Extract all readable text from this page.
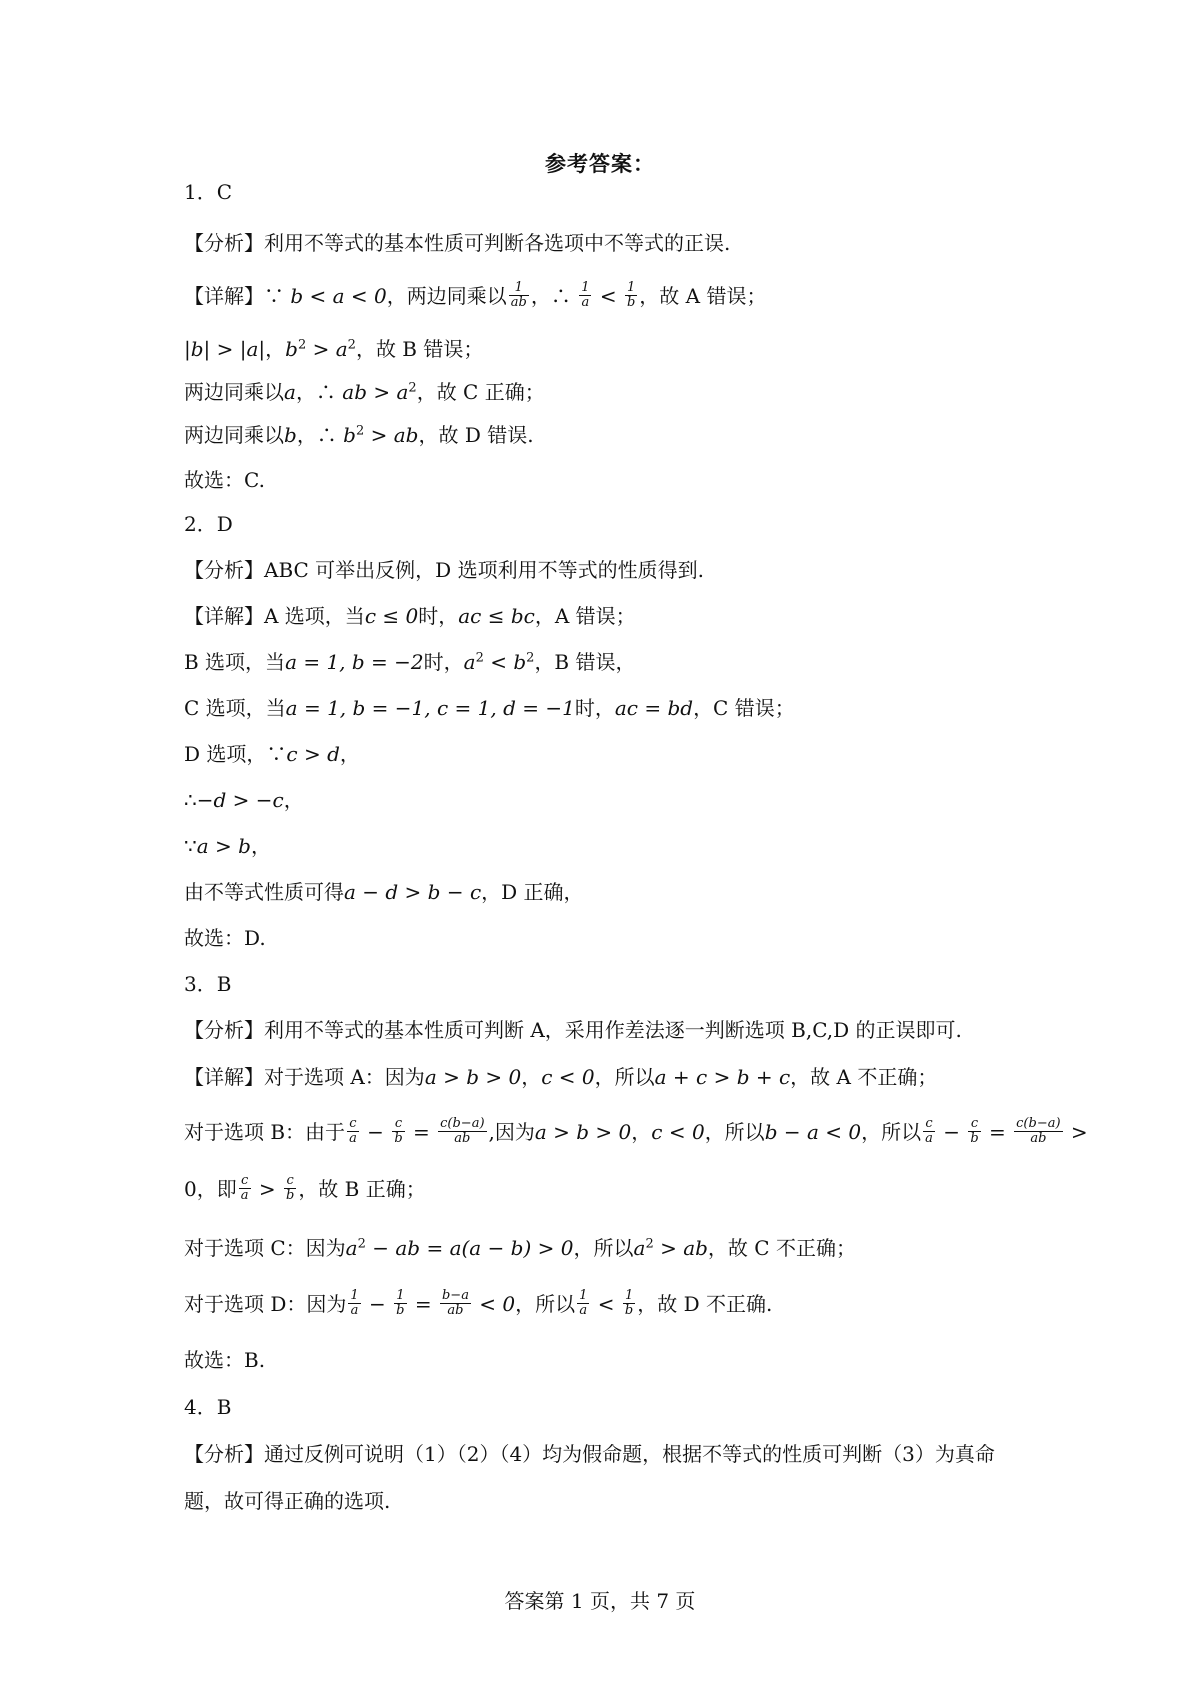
参考答案：
1．C
【分析】利用不等式的基本性质可判断各选项中不等式的正误.
【详解】∵ b < a < 0，两边同乘以 $\frac{1}{ab}$ ，∴ $\frac{1}{a} < \frac{1}{b}$ ，故 A 错误；
|b| > |a|，$b^2 > a^2$，故 B 错误；
两边同乘以a，∴ ab > $a^2$，故 C 正确；
两边同乘以b，∴ $b^2$ > ab，故 D 错误.
故选：C.
2．D
【分析】ABC 可举出反例，D 选项利用不等式的性质得到.
【详解】A 选项，当c ≤ 0时，ac ≤ bc，A 错误；
B 选项，当a = 1, b = −2时，$a^2 < b^2$，B 错误，
C 选项，当a = 1, b = −1, c = 1, d = −1时，ac = bd，C 错误；
D 选项，∵c > d，
∴−d > −c，
∵a > b，
由不等式性质可得a − d > b − c，D 正确，
故选：D.
3．B
【分析】利用不等式的基本性质可判断 A，采用作差法逐一判断选项 B,C,D 的正误即可.
【详解】对于选项 A：因为a > b > 0，c < 0，所以a + c > b + c，故 A 不正确；
对于选项 B：由于 $\frac{c}{a} - \frac{c}{b} = \frac{c(b-a)}{ab}$ ,因为a > b > 0，c < 0，所以b − a < 0，所以 $\frac{c}{a} - \frac{c}{b} = \frac{c(b-a)}{ab}$ >
0，即 $\frac{c}{a} > \frac{c}{b}$ ，故 B 正确；
对于选项 C：因为$a^2$ − ab = a(a − b) > 0，所以$a^2$ > ab，故 C 不正确；
对于选项 D：因为 $\frac{1}{a} - \frac{1}{b} = \frac{b-a}{ab} < 0$，所以 $\frac{1}{a} < \frac{1}{b}$ ，故 D 不正确.
故选：B.
4．B
【分析】通过反例可说明（1）（2）（4）均为假命题，根据不等式的性质可判断（3）为真命
题，故可得正确的选项.
答案第 1 页，共 7 页
